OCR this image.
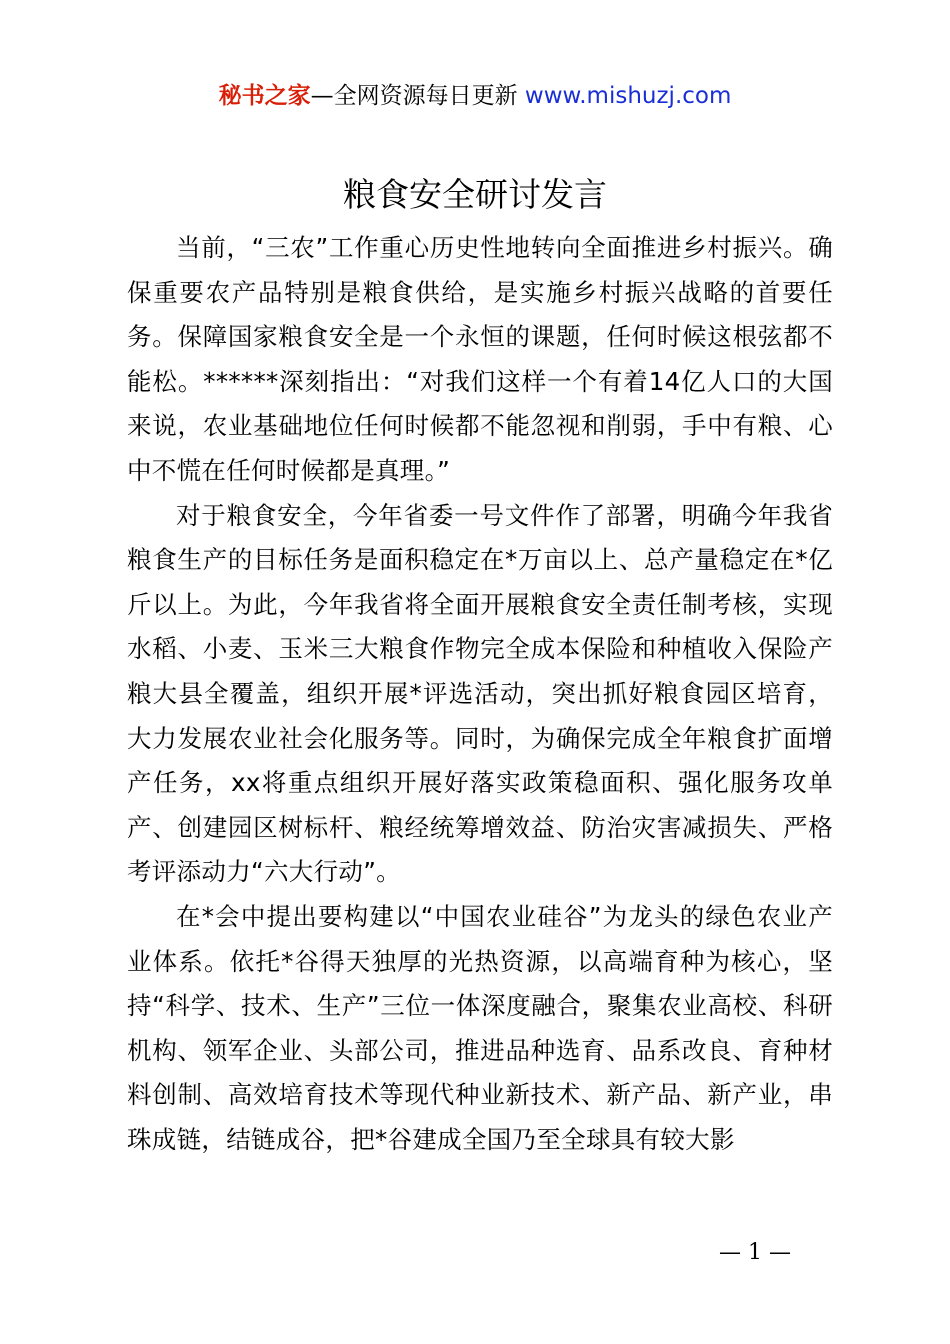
秘书之家—全网资源每日更新 www.mishuzj.com
粮食安全研讨发言

当前，“三农”工作重心历史性地转向全面推进乡村振兴。确保重要农产品特别是粮食供给，是实施乡村振兴战略的首要任务。保障国家粮食安全是一个永恒的课题，任何时候这根弦都不能松。******深刻指出：“对我们这样一个有着14亿人口的大国来说，农业基础地位任何时候都不能忽视和削弱，手中有粮、心中不慌在任何时候都是真理。”

对于粮食安全，今年省委一号文件作了部署，明确今年我省粮食生产的目标任务是面积稳定在*万亩以上、总产量稳定在*亿斤以上。为此，今年我省将全面开展粮食安全责任制考核，实现水稻、小麦、玉米三大粮食作物完全成本保险和种植收入保险产粮大县全覆盖，组织开展*评选活动，突出抓好粮食园区培育，大力发展农业社会化服务等。同时，为确保完成全年粮食扩面增产任务，xx将重点组织开展好落实政策稳面积、强化服务攻单产、创建园区树标杆、粮经统筹增效益、防治灾害减损失、严格考评添动力“六大行动”。

在*会中提出要构建以“中国农业硅谷”为龙头的绿色农业产业体系。依托*谷得天独厚的光热资源，以高端育种为核心，坚持“科学、技术、生产”三位一体深度融合，聚集农业高校、科研机构、领军企业、头部公司，推进品种选育、品系改良、育种材料创制、高效培育技术等现代种业新技术、新产品、新产业，串珠成链，结链成谷，把*谷建成全国乃至全球具有较大影

— 1 —
